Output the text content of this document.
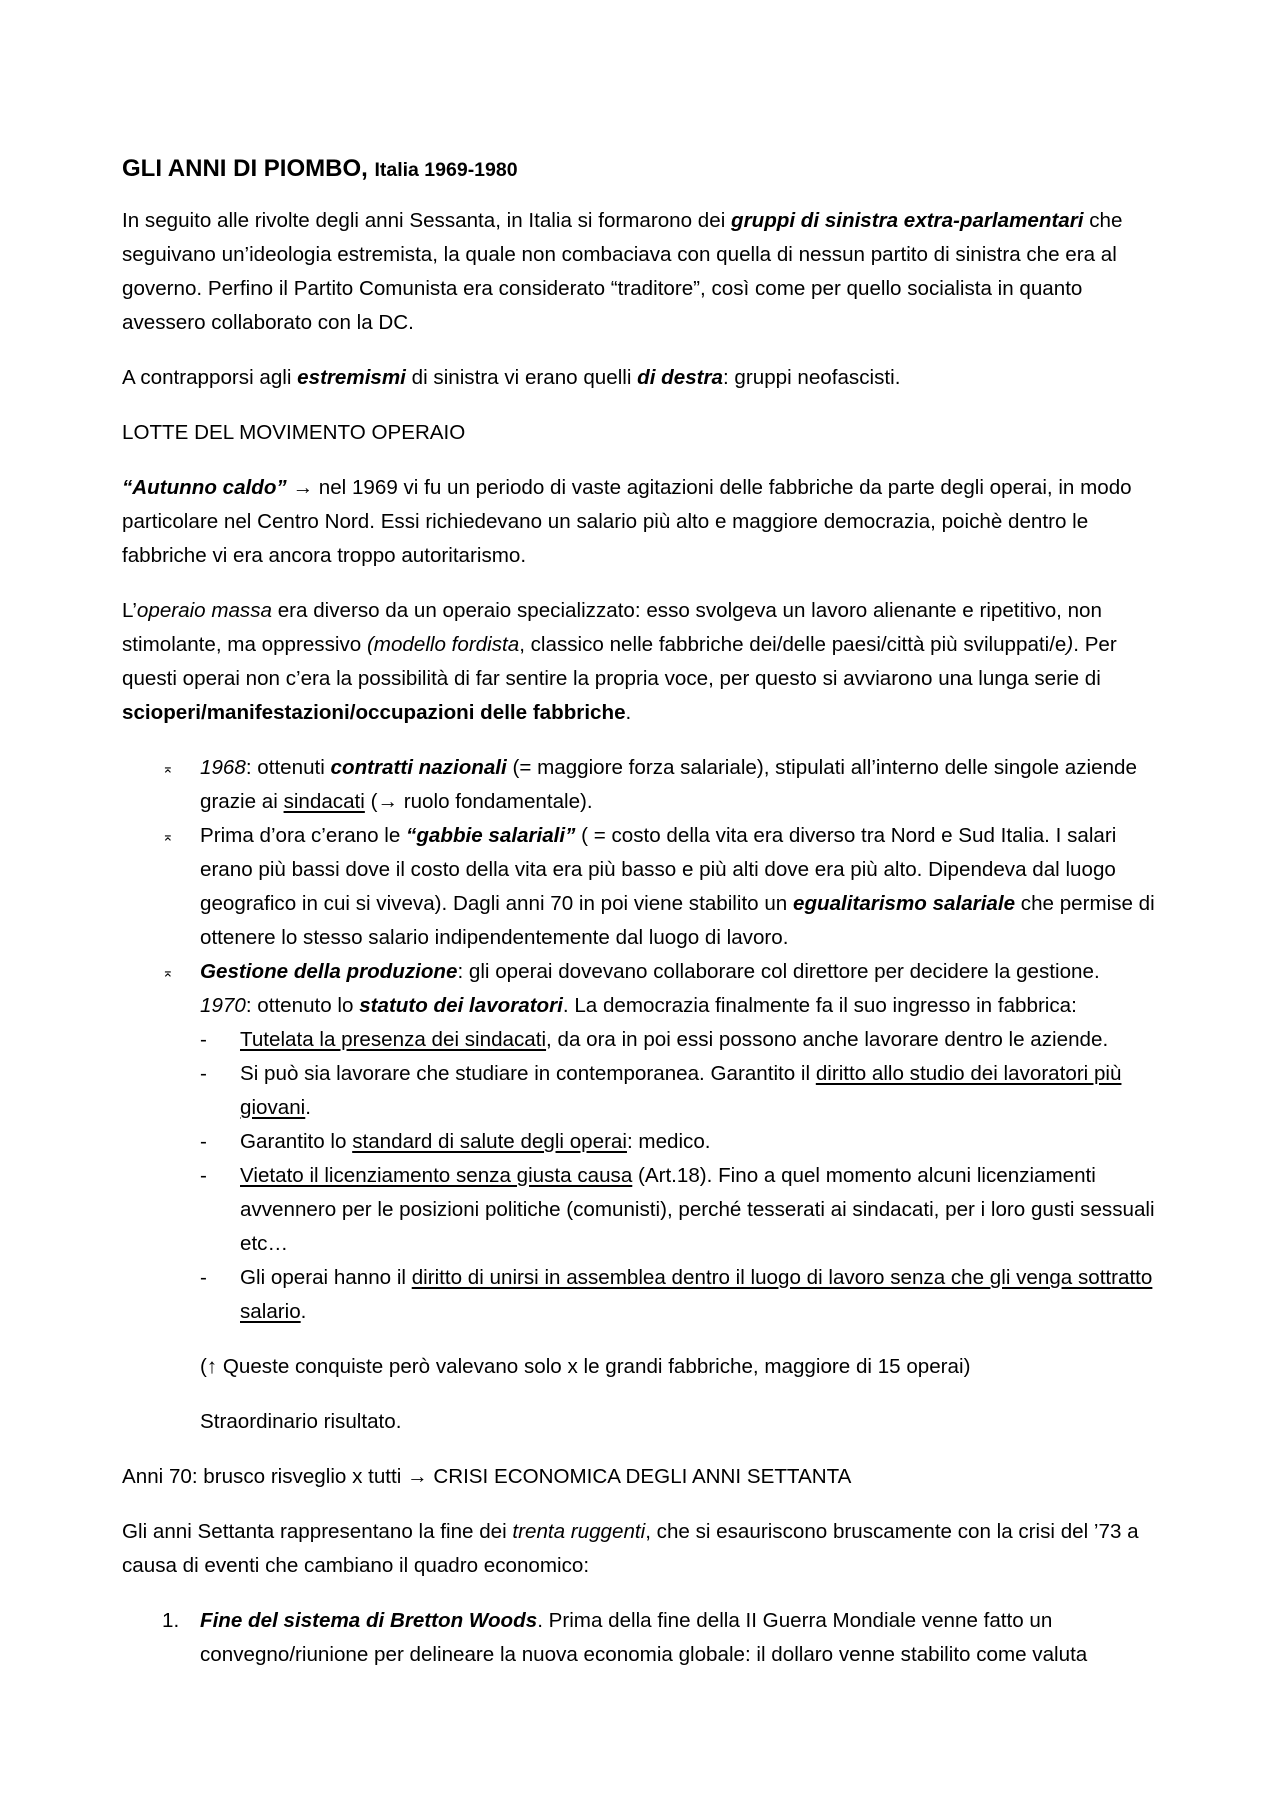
GLI ANNI DI PIOMBO, Italia 1969-1980

In seguito alle rivolte degli anni Sessanta, in Italia si formarono dei gruppi di sinistra extra-parlamentari che seguivano un’ideologia estremista, la quale non combaciava con quella di nessun partito di sinistra che era al governo. Perfino il Partito Comunista era considerato “traditore”, così come per quello socialista in quanto avessero collaborato con la DC.

A contrapporsi agli estremismi di sinistra vi erano quelli di destra: gruppi neofascisti.

LOTTE DEL MOVIMENTO OPERAIO

“Autunno caldo” → nel 1969 vi fu un periodo di vaste agitazioni delle fabbriche da parte degli operai, in modo particolare nel Centro Nord. Essi richiedevano un salario più alto e maggiore democrazia, poichè dentro le fabbriche vi era ancora troppo autoritarismo.

L’operaio massa era diverso da un operaio specializzato: esso svolgeva un lavoro alienante e ripetitivo, non stimolante, ma oppressivo (modello fordista, classico nelle fabbriche dei/delle paesi/città più sviluppati/e). Per questi operai non c’era la possibilità di far sentire la propria voce, per questo si avviarono una lunga serie di scioperi/manifestazioni/occupazioni delle fabbriche.

⌅ 1968: ottenuti contratti nazionali (= maggiore forza salariale), stipulati all’interno delle singole aziende grazie ai sindacati (→ ruolo fondamentale).
⌅ Prima d’ora c’erano le “gabbie salariali” ( = costo della vita era diverso tra Nord e Sud Italia. I salari erano più bassi dove il costo della vita era più basso e più alti dove era più alto. Dipendeva dal luogo geografico in cui si viveva). Dagli anni 70 in poi viene stabilito un egualitarismo salariale che permise di ottenere lo stesso salario indipendentemente dal luogo di lavoro.
⌅ Gestione della produzione: gli operai dovevano collaborare col direttore per decidere la gestione.
1970: ottenuto lo statuto dei lavoratori. La democrazia finalmente fa il suo ingresso in fabbrica:
- Tutelata la presenza dei sindacati, da ora in poi essi possono anche lavorare dentro le aziende.
- Si può sia lavorare che studiare in contemporanea. Garantito il diritto allo studio dei lavoratori più giovani.
- Garantito lo standard di salute degli operai: medico.
- Vietato il licenziamento senza giusta causa (Art.18). Fino a quel momento alcuni licenziamenti avvennero per le posizioni politiche (comunisti), perché tesserati ai sindacati, per i loro gusti sessuali etc…
- Gli operai hanno il diritto di unirsi in assemblea dentro il luogo di lavoro senza che gli venga sottratto salario.

(↑ Queste conquiste però valevano solo x le grandi fabbriche, maggiore di 15 operai)

Straordinario risultato.

Anni 70: brusco risveglio x tutti → CRISI ECONOMICA DEGLI ANNI SETTANTA

Gli anni Settanta rappresentano la fine dei trenta ruggenti, che si esauriscono bruscamente con la crisi del ’73 a causa di eventi che cambiano il quadro economico:

1. Fine del sistema di Bretton Woods. Prima della fine della II Guerra Mondiale venne fatto un convegno/riunione per delineare la nuova economia globale: il dollaro venne stabilito come valuta
